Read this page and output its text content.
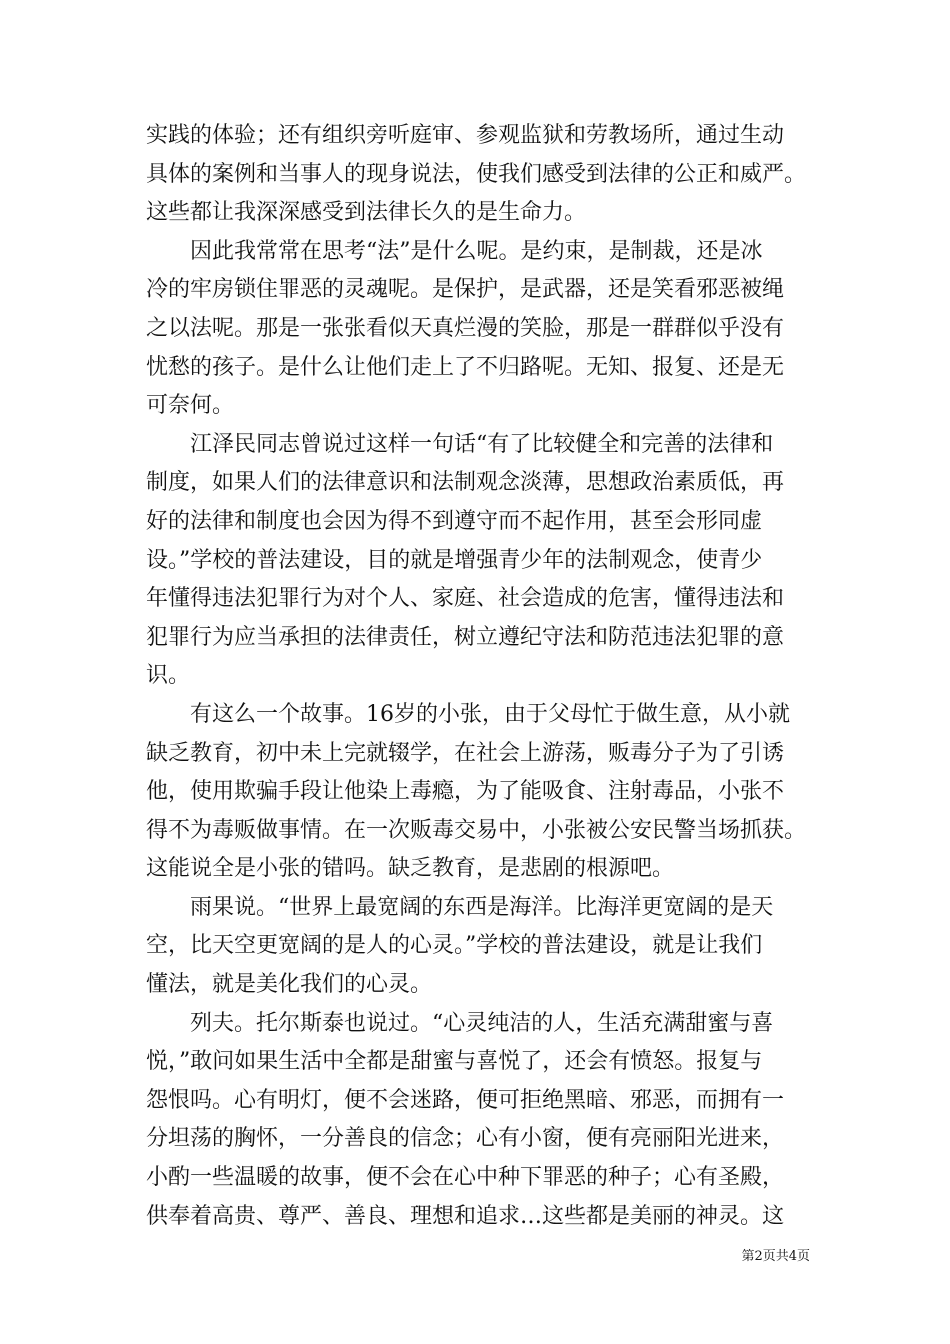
实践的体验；还有组织旁听庭审、参观监狱和劳教场所，通过生动
具体的案例和当事人的现身说法，使我们感受到法律的公正和威严。
这些都让我深深感受到法律长久的是生命力。
因此我常常在思考“法”是什么呢。是约束，是制裁，还是冰
冷的牢房锁住罪恶的灵魂呢。是保护，是武器，还是笑看邪恶被绳
之以法呢。那是一张张看似天真烂漫的笑脸，那是一群群似乎没有
忧愁的孩子。是什么让他们走上了不归路呢。无知、报复、还是无
可奈何。
江泽民同志曾说过这样一句话“有了比较健全和完善的法律和
制度，如果人们的法律意识和法制观念淡薄，思想政治素质低，再
好的法律和制度也会因为得不到遵守而不起作用，甚至会形同虚
设。”学校的普法建设，目的就是增强青少年的法制观念，使青少
年懂得违法犯罪行为对个人、家庭、社会造成的危害，懂得违法和
犯罪行为应当承担的法律责任，树立遵纪守法和防范违法犯罪的意
识。
有这么一个故事。16岁的小张，由于父母忙于做生意，从小就
缺乏教育，初中未上完就辍学，在社会上游荡，贩毒分子为了引诱
他，使用欺骗手段让他染上毒瘾，为了能吸食、注射毒品，小张不
得不为毒贩做事情。在一次贩毒交易中，小张被公安民警当场抓获。
这能说全是小张的错吗。缺乏教育，是悲剧的根源吧。
雨果说。“世界上最宽阔的东西是海洋。比海洋更宽阔的是天
空，比天空更宽阔的是人的心灵。”学校的普法建设，就是让我们
懂法，就是美化我们的心灵。
列夫。托尔斯泰也说过。“心灵纯洁的人，生活充满甜蜜与喜
悦，”敢问如果生活中全都是甜蜜与喜悦了，还会有愤怒。报复与
怨恨吗。心有明灯，便不会迷路，便可拒绝黑暗、邪恶，而拥有一
分坦荡的胸怀，一分善良的信念；心有小窗，便有亮丽阳光进来，
小酌一些温暖的故事，便不会在心中种下罪恶的种子；心有圣殿，
供奉着高贵、尊严、善良、理想和追求…这些都是美丽的神灵。这
第2页共4页
